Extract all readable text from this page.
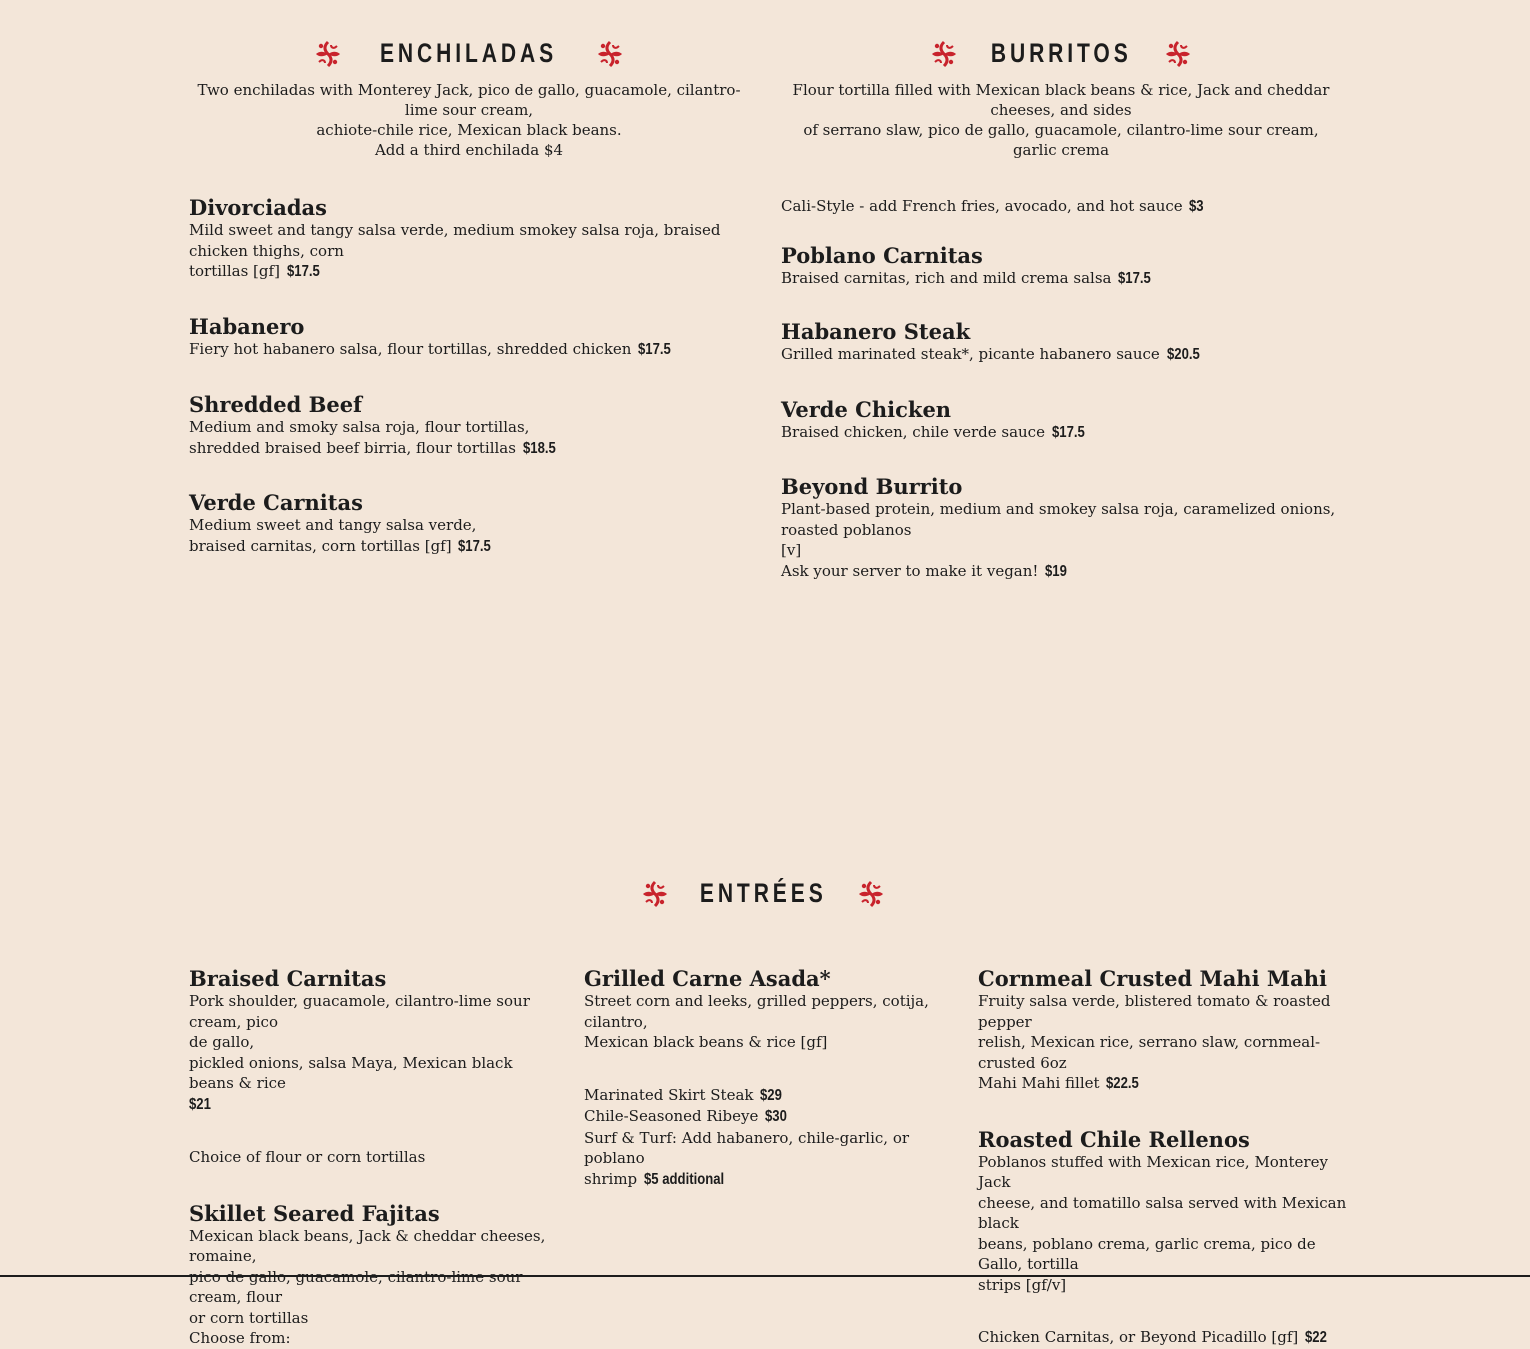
ENCHILADAS
Two enchiladas with Monterey Jack, pico de gallo, guacamole, cilantro-lime sour cream,
achiote-chile rice, Mexican black beans.
Add a third enchilada $4
BURRITOS
Flour tortilla filled with Mexican black beans & rice, Jack and cheddar cheeses, and sides
of serrano slaw, pico de gallo, guacamole, cilantro-lime sour cream, garlic crema
Divorciadas
Mild sweet and tangy salsa verde, medium smokey salsa roja, braised chicken thighs, corn
tortillas [gf] $17.5
Habanero
Fiery hot habanero salsa, flour tortillas, shredded chicken $17.5
Shredded Beef
Medium and smoky salsa roja, flour tortillas,
shredded braised beef birria, flour tortillas $18.5
Verde Carnitas
Medium sweet and tangy salsa verde,
braised carnitas, corn tortillas [gf] $17.5
Cali-Style - add French fries, avocado, and hot sauce $3
Poblano Carnitas
Braised carnitas, rich and mild crema salsa $17.5
Habanero Steak
Grilled marinated steak*, picante habanero sauce $20.5
Verde Chicken
Braised chicken, chile verde sauce $17.5
Beyond Burrito
Plant-based protein, medium and smokey salsa roja, caramelized onions, roasted poblanos
[v]
Ask your server to make it vegan! $19
ENTRÉES
Braised Carnitas
Pork shoulder, guacamole, cilantro-lime sour cream, pico
de gallo,
pickled onions, salsa Maya, Mexican black beans & rice
$21
Choice of flour or corn tortillas
Skillet Seared Fajitas
Mexican black beans, Jack & cheddar cheeses, romaine,
pico de gallo, guacamole, cilantro-lime sour cream, flour
or corn tortillas
Choose from:
Grilled Carne Asada*
Street corn and leeks, grilled peppers, cotija, cilantro,
Mexican black beans & rice [gf]
Marinated Skirt Steak $29
Chile-Seasoned Ribeye $30
Surf & Turf: Add habanero, chile-garlic, or poblano
shrimp $5 additional
Cornmeal Crusted Mahi Mahi
Fruity salsa verde, blistered tomato & roasted pepper
relish, Mexican rice, serrano slaw, cornmeal-crusted 6oz
Mahi Mahi fillet $22.5
Roasted Chile Rellenos
Poblanos stuffed with Mexican rice, Monterey Jack
cheese, and tomatillo salsa served with Mexican black
beans, poblano crema, garlic crema, pico de Gallo, tortilla
strips [gf/v]
Chicken Carnitas, or Beyond Picadillo [gf] $22
